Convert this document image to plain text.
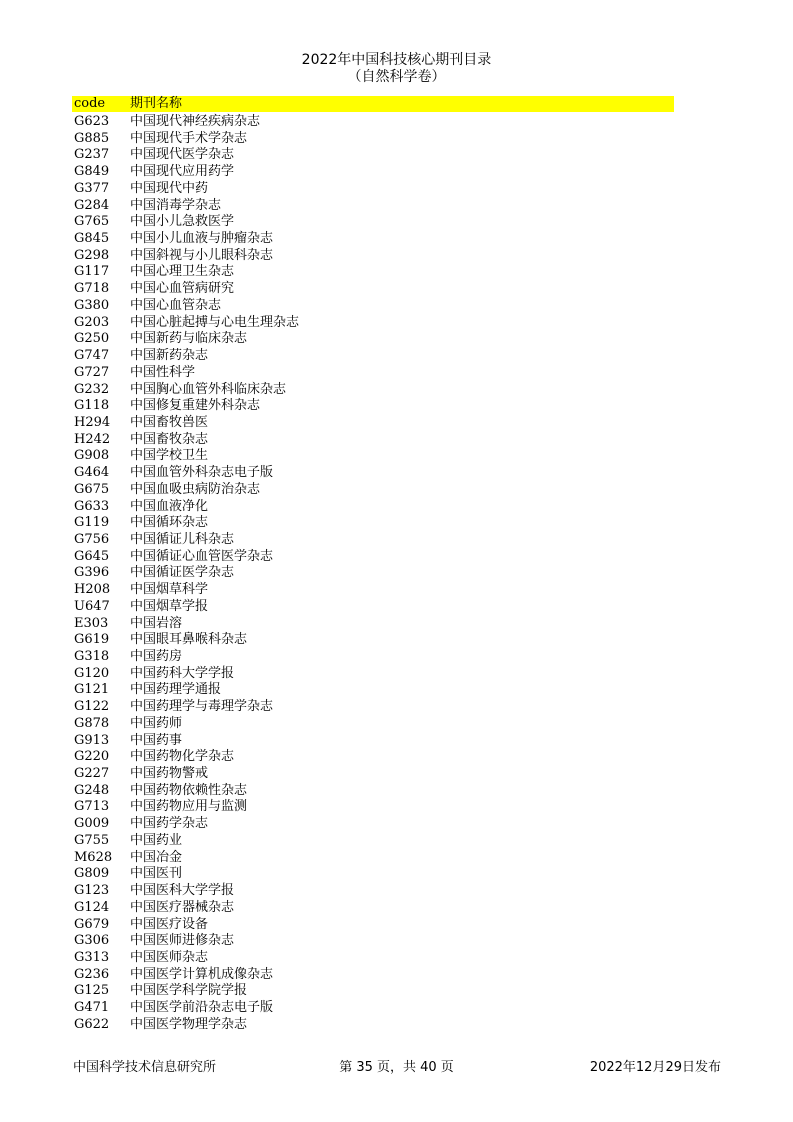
2022年中国科技核心期刊目录
（自然科学卷）
code 期刊名称
G623 中国现代神经疾病杂志
G885 中国现代手术学杂志
G237 中国现代医学杂志
G849 中国现代应用药学
G377 中国现代中药
G284 中国消毒学杂志
G765 中国小儿急救医学
G845 中国小儿血液与肿瘤杂志
G298 中国斜视与小儿眼科杂志
G117 中国心理卫生杂志
G718 中国心血管病研究
G380 中国心血管杂志
G203 中国心脏起搏与心电生理杂志
G250 中国新药与临床杂志
G747 中国新药杂志
G727 中国性科学
G232 中国胸心血管外科临床杂志
G118 中国修复重建外科杂志
H294 中国畜牧兽医
H242 中国畜牧杂志
G908 中国学校卫生
G464 中国血管外科杂志电子版
G675 中国血吸虫病防治杂志
G633 中国血液净化
G119 中国循环杂志
G756 中国循证儿科杂志
G645 中国循证心血管医学杂志
G396 中国循证医学杂志
H208 中国烟草科学
U647 中国烟草学报
E303 中国岩溶
G619 中国眼耳鼻喉科杂志
G318 中国药房
G120 中国药科大学学报
G121 中国药理学通报
G122 中国药理学与毒理学杂志
G878 中国药师
G913 中国药事
G220 中国药物化学杂志
G227 中国药物警戒
G248 中国药物依赖性杂志
G713 中国药物应用与监测
G009 中国药学杂志
G755 中国药业
M628 中国冶金
G809 中国医刊
G123 中国医科大学学报
G124 中国医疗器械杂志
G679 中国医疗设备
G306 中国医师进修杂志
G313 中国医师杂志
G236 中国医学计算机成像杂志
G125 中国医学科学院学报
G471 中国医学前沿杂志电子版
G622 中国医学物理学杂志
中国科学技术信息研究所	第 35 页，共 40 页	2022年12月29日发布
